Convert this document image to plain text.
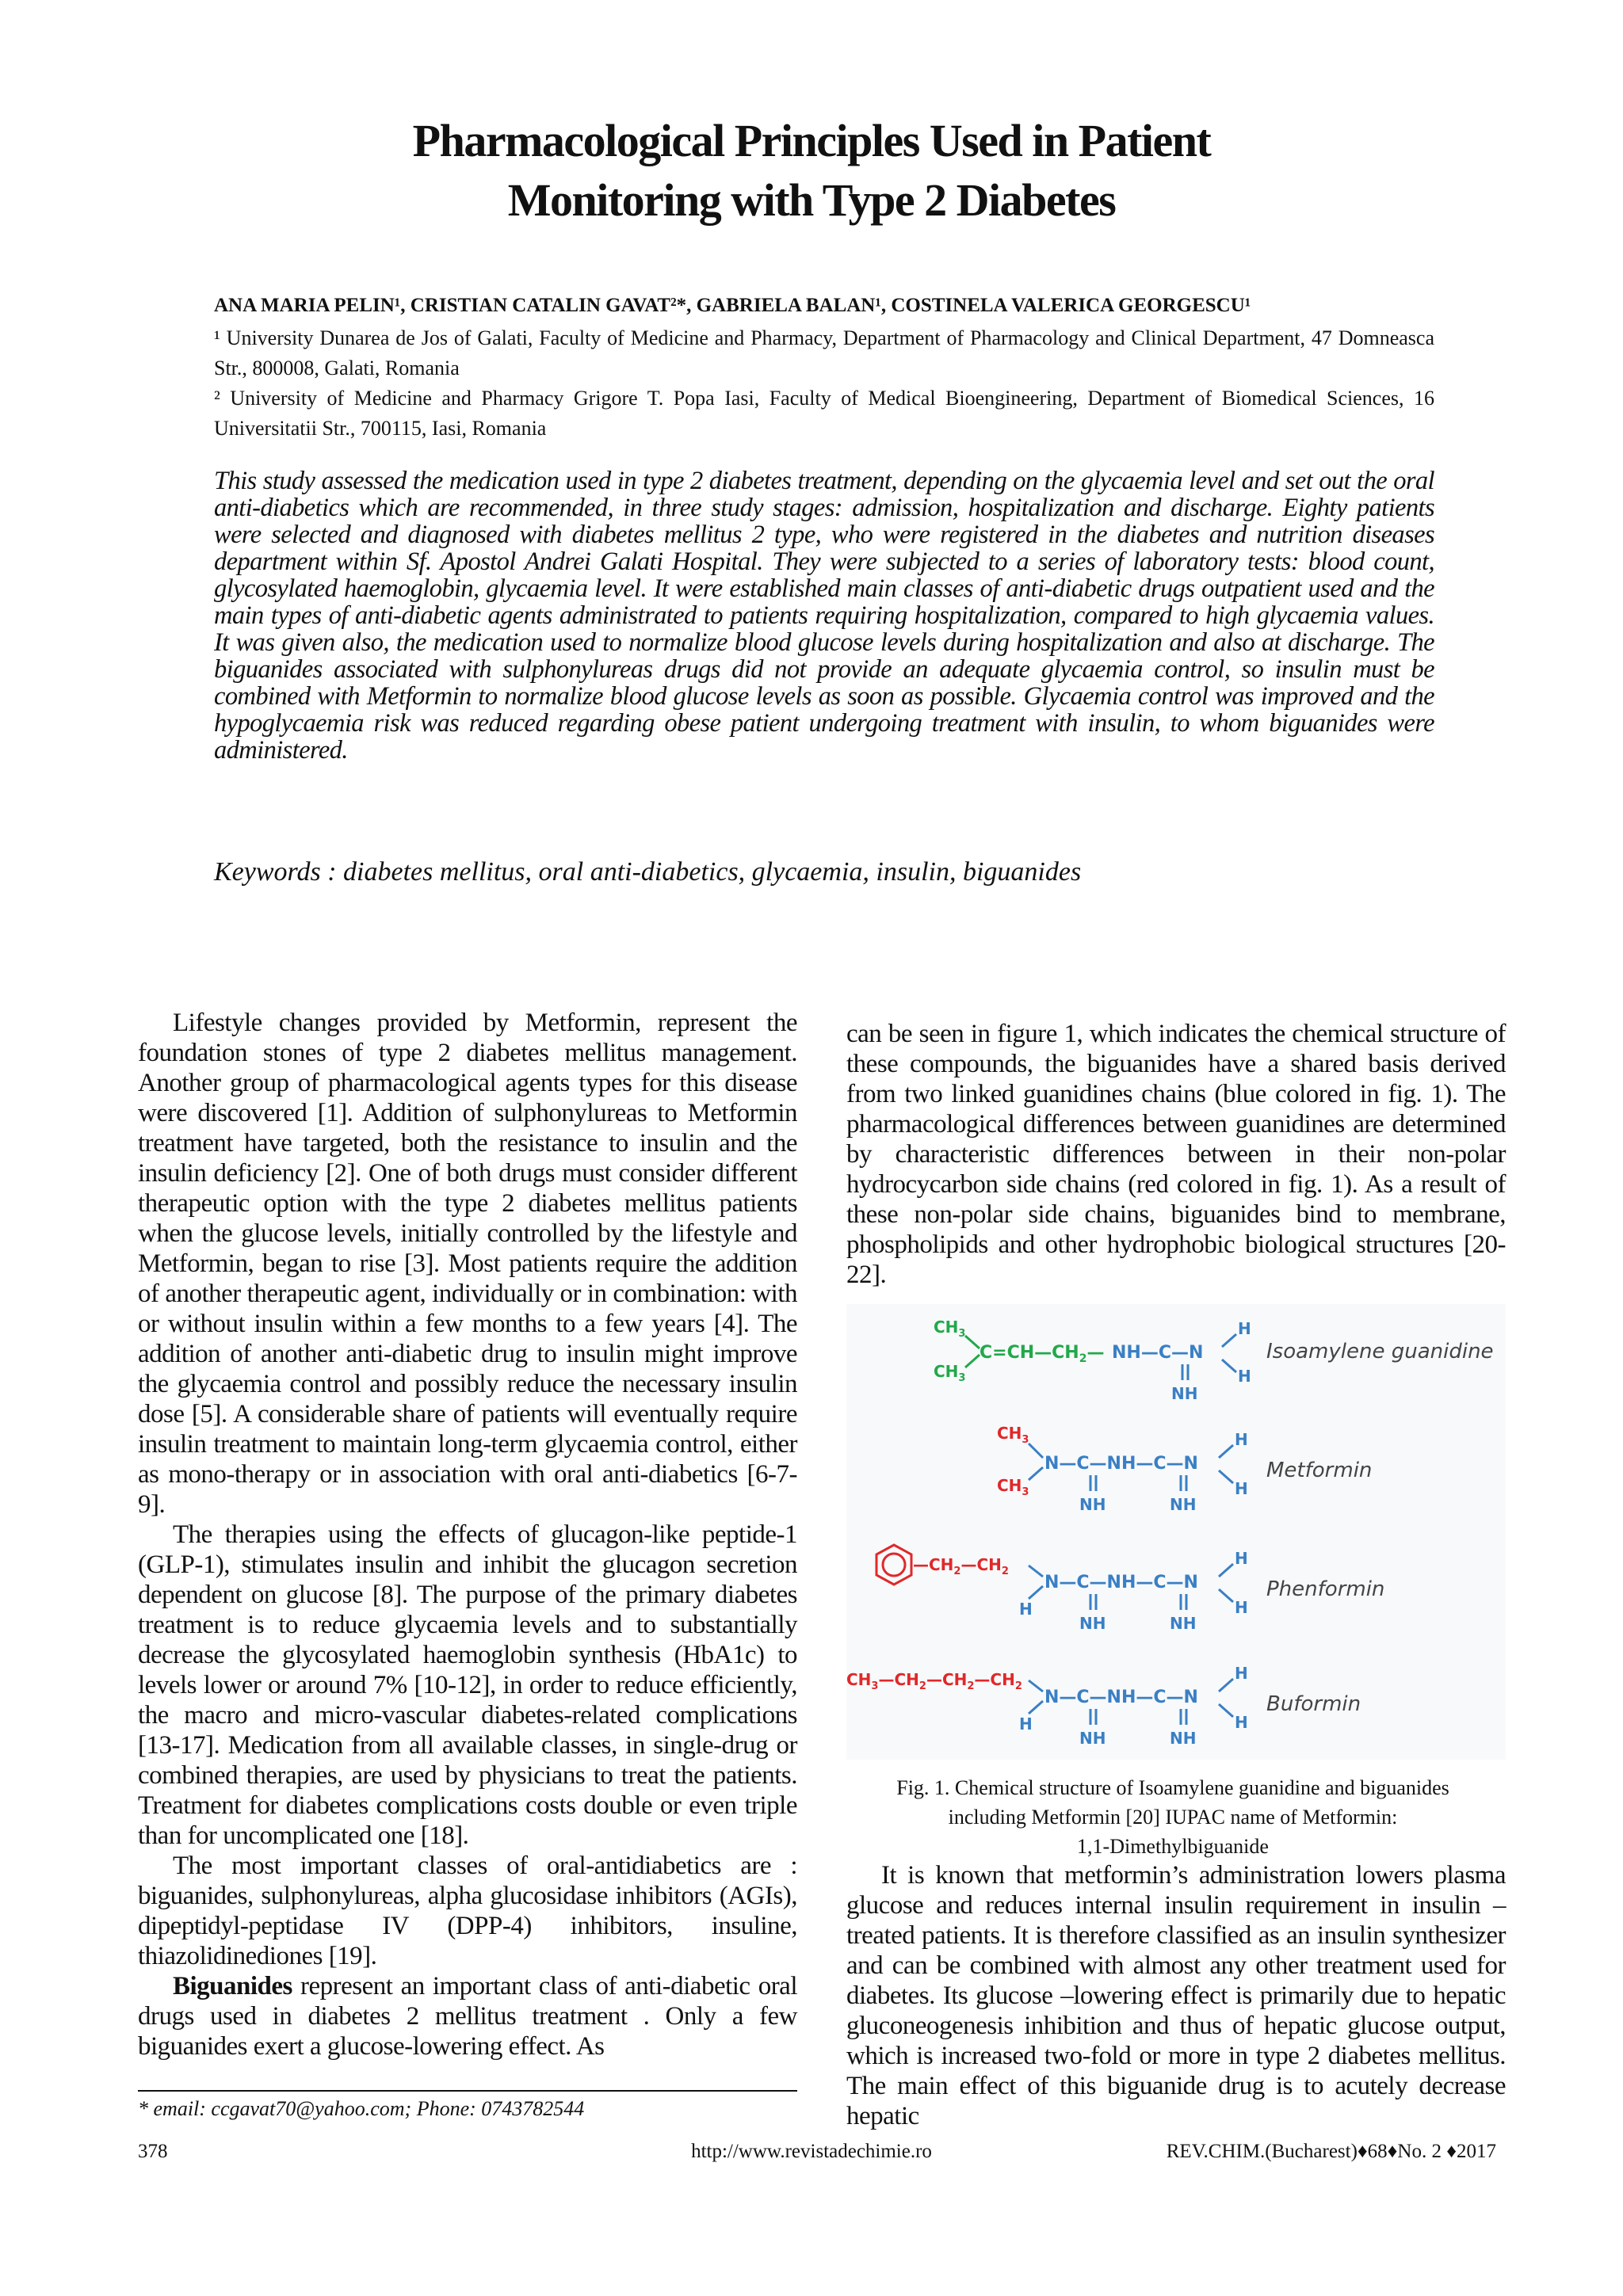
Pharmacological Principles Used in Patient
Monitoring with Type 2 Diabetes
ANA MARIA PELIN¹, CRISTIAN CATALIN GAVAT²*, GABRIELA BALAN¹, COSTINELA VALERICA GEORGESCU¹
¹ University Dunarea de Jos of Galati, Faculty of Medicine and Pharmacy, Department of Pharmacology and Clinical Department, 47 Domneasca Str., 800008, Galati, Romania
² University of Medicine and Pharmacy Grigore T. Popa Iasi, Faculty of Medical Bioengineering, Department of Biomedical Sciences, 16 Universitatii Str., 700115, Iasi, Romania
This study assessed the medication used in type 2 diabetes treatment, depending on the glycaemia level and set out the oral anti-diabetics which are recommended, in three study stages: admission, hospitalization and discharge. Eighty patients were selected and diagnosed with diabetes mellitus 2 type, who were registered in the diabetes and nutrition diseases department within Sf. Apostol Andrei Galati Hospital. They were subjected to a series of laboratory tests: blood count, glycosylated haemoglobin, glycaemia level. It were established main classes of anti-diabetic drugs outpatient used and the main types of anti-diabetic agents administrated to patients requiring hospitalization, compared to high glycaemia values. It was given also, the medication used to normalize blood glucose levels during hospitalization and also at discharge. The biguanides associated with sulphonylureas drugs did not provide an adequate glycaemia control, so insulin must be combined with Metformin to normalize blood glucose levels as soon as possible. Glycaemia control was improved and the hypoglycaemia risk was reduced regarding obese patient undergoing treatment with insulin, to whom biguanides were administered.
Keywords : diabetes mellitus, oral anti-diabetics, glycaemia, insulin, biguanides

Lifestyle changes provided by Metformin, represent the foundation stones of type 2 diabetes mellitus management. Another group of pharmacological agents types for this disease were discovered [1]. Addition of sulphonylureas to Metformin treatment have targeted, both the resistance to insulin and the insulin deficiency [2]. One of both drugs must consider different therapeutic option with the type 2 diabetes mellitus patients when the glucose levels, initially controlled by the lifestyle and Metformin, began to rise [3]. Most patients require the addition of another therapeutic agent, individually or in combination: with or without insulin within a few months to a few years [4]. The addition of another anti-diabetic drug to insulin might improve the glycaemia control and possibly reduce the necessary insulin dose [5]. A considerable share of patients will eventually require insulin treatment to maintain long-term glycaemia control, either as mono-therapy or in association with oral anti-diabetics [6-7-9].

The therapies using the effects of glucagon-like peptide-1 (GLP-1), stimulates insulin and inhibit the glucagon secretion dependent on glucose [8]. The purpose of the primary diabetes treatment is to reduce glycaemia levels and to substantially decrease the glycosylated haemoglobin synthesis (HbA1c) to levels lower or around 7% [10-12], in order to reduce efficiently, the macro and micro-vascular diabetes-related complications [13-17]. Medication from all available classes, in single-drug or combined therapies, are used by physicians to treat the patients. Treatment for diabetes complications costs double or even triple than for uncomplicated one [18].

The most important classes of oral-antidiabetics are : biguanides, sulphonylureas, alpha glucosidase inhibitors (AGIs), dipeptidyl-peptidase IV (DPP-4) inhibitors, insuline, thiazolidinediones [19].

Biguanides represent an important class of anti-diabetic oral drugs used in diabetes 2 mellitus treatment . Only a few biguanides exert a glucose-lowering effect. As

can be seen in figure 1, which indicates the chemical structure of these compounds, the biguanides have a shared basis derived from two linked guanidines chains (blue colored in fig. 1). The pharmacological differences between guanidines are determined by characteristic differences between in their non-polar hydrocycarbon side chains (red colored in fig. 1). As a result of these non-polar side chains, biguanides bind to membrane, phospholipids and other hydrophobic biological structures [20-22].

$CH_3$
$CH_3$
$C=CH—CH_2—$ NH—C—N
H
H
NH
Isoamylene guanidine
$CH_3$
$CH_3$
N—C—NH—C—N
H
H
NH	NH
Metformin
$—CH_2—CH_2$
H
N—C—NH—C—N
H
H
NH	NH
Phenformin
$CH_3—CH_2—CH_2—CH_2$
H
N—C—NH—C—N
H
H
NH	NH
Buformin
Fig. 1. Chemical structure of Isoamylene guanidine and biguanides
including Metformin [20] IUPAC name of Metformin:
1,1-Dimethylbiguanide

It is known that metformin’s administration lowers plasma glucose and reduces internal insulin requirement in insulin – treated patients. It is therefore classified as an insulin synthesizer and can be combined with almost any other treatment used for diabetes. Its glucose –lowering effect is primarily due to hepatic gluconeogenesis inhibition and thus of hepatic glucose output, which is increased two-fold or more in type 2 diabetes mellitus. The main effect of this biguanide drug is to acutely decrease hepatic

* email: ccgavat70@yahoo.com; Phone: 0743782544
378	http://www.revistadechimie.ro	REV.CHIM.(Bucharest)♦68♦No. 2 ♦2017
